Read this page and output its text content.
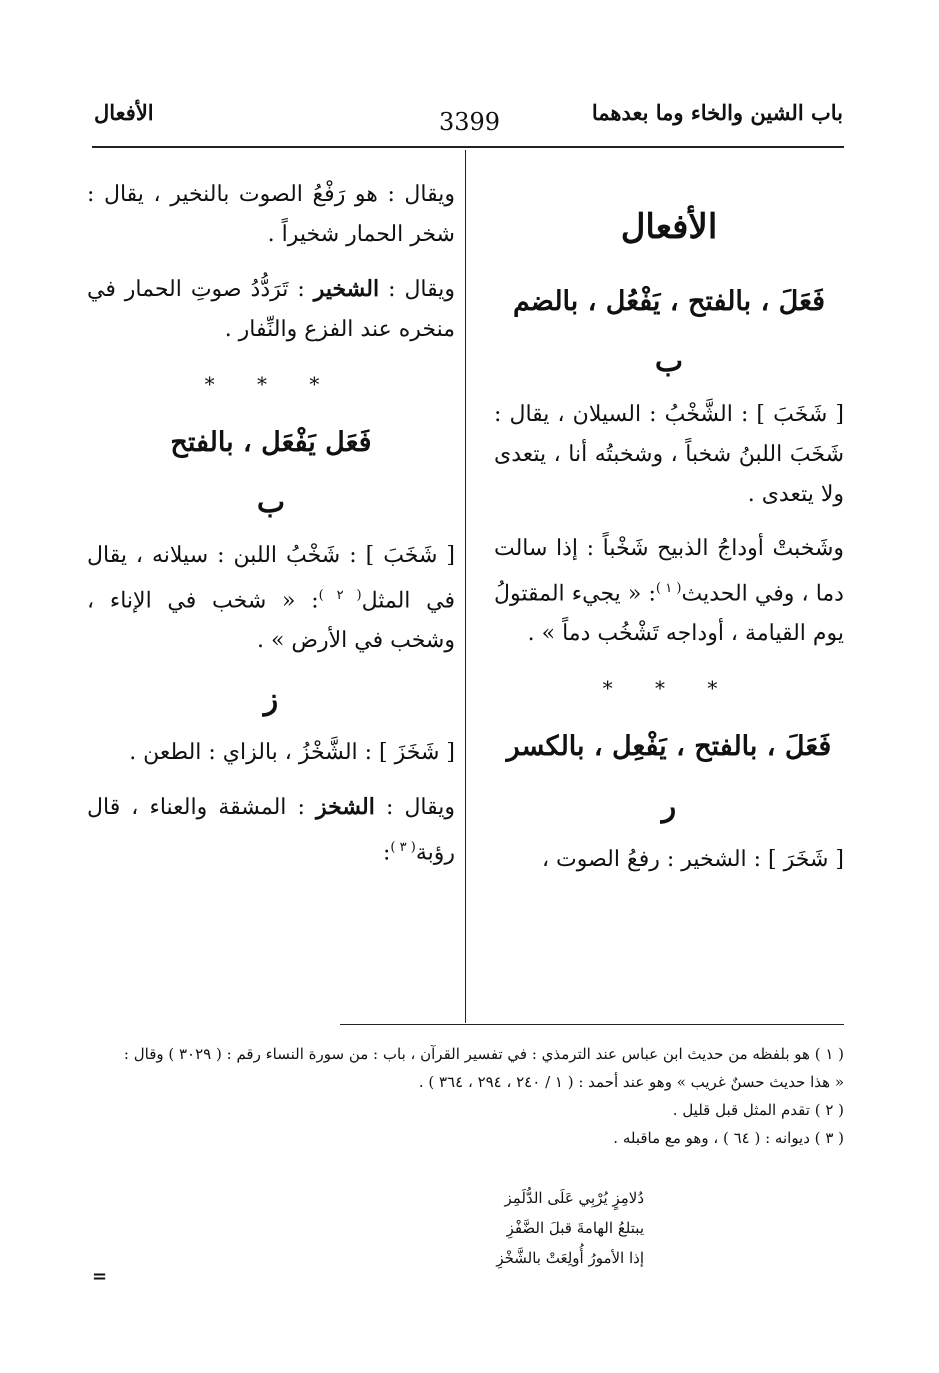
باب الشين والخاء وما بعدهما
3399
الأفعال
الأفعال
فَعَلَ ، بالفتح ، يَفْعُل ، بالضم
ب
[ شَخَبَ ] : الشَّخْبُ : السيلان ، يقال : شَخَبَ اللبنُ شخباً ، وشخبتُه أنا ، يتعدى ولا يتعدى .
وشَخبتْ أوداجُ الذبيح شَخْباً : إذا سالت دما ، وفي الحديث$^{( ١ )}$: « يجيء المقتولُ يوم القيامة ، أوداجه تَشْخُب دماً » .
* * *
فَعَلَ ، بالفتح ، يَفْعِل ، بالكسر
ر
[ شَخَرَ ] : الشخير : رفعُ الصوت ،
ويقال : هو رَفْعُ الصوت بالنخير ، يقال : شخر الحمار شخيراً .
ويقال : الشخير : تَرَدُّدُ صوتِ الحمار في منخره عند الفزع والنِّفار .
* * *
فَعَل يَفْعَل ، بالفتح
ب
[ شَخَبَ ] : شَخْبُ اللبن : سيلانه ، يقال في المثل$^{( ٢ )}$: « شخب في الإناء ، وشخب في الأرض » .
ز
[ شَخَزَ ] : الشَّخْزُ ، بالزاي : الطعن .
ويقال : الشخز : المشقة والعناء ، قال رؤبة$^{( ٣ )}$:
( ١ ) هو بلفظه من حديث ابن عباس عند الترمذي : في تفسير القرآن ، باب : من سورة النساء رقم : ( ٣٠٢٩ ) وقال :
« هذا حديث حسنٌ غريب » وهو عند أحمد : ( ١ / ٢٤٠ ، ٢٩٤ ، ٣٦٤ ) .
( ٢ ) تقدم المثل قبل قليل .
( ٣ ) ديوانه : ( ٦٤ ) ، وهو مع ماقبله .
دُلامِزٍ يُرْبِي عَلَى الدُّلَمِز
يبتلعُ الهامةَ قبلَ الضَّفْزِ
إذا الأمورُ أُولِعَتْ بالشَّخْزِ
=
